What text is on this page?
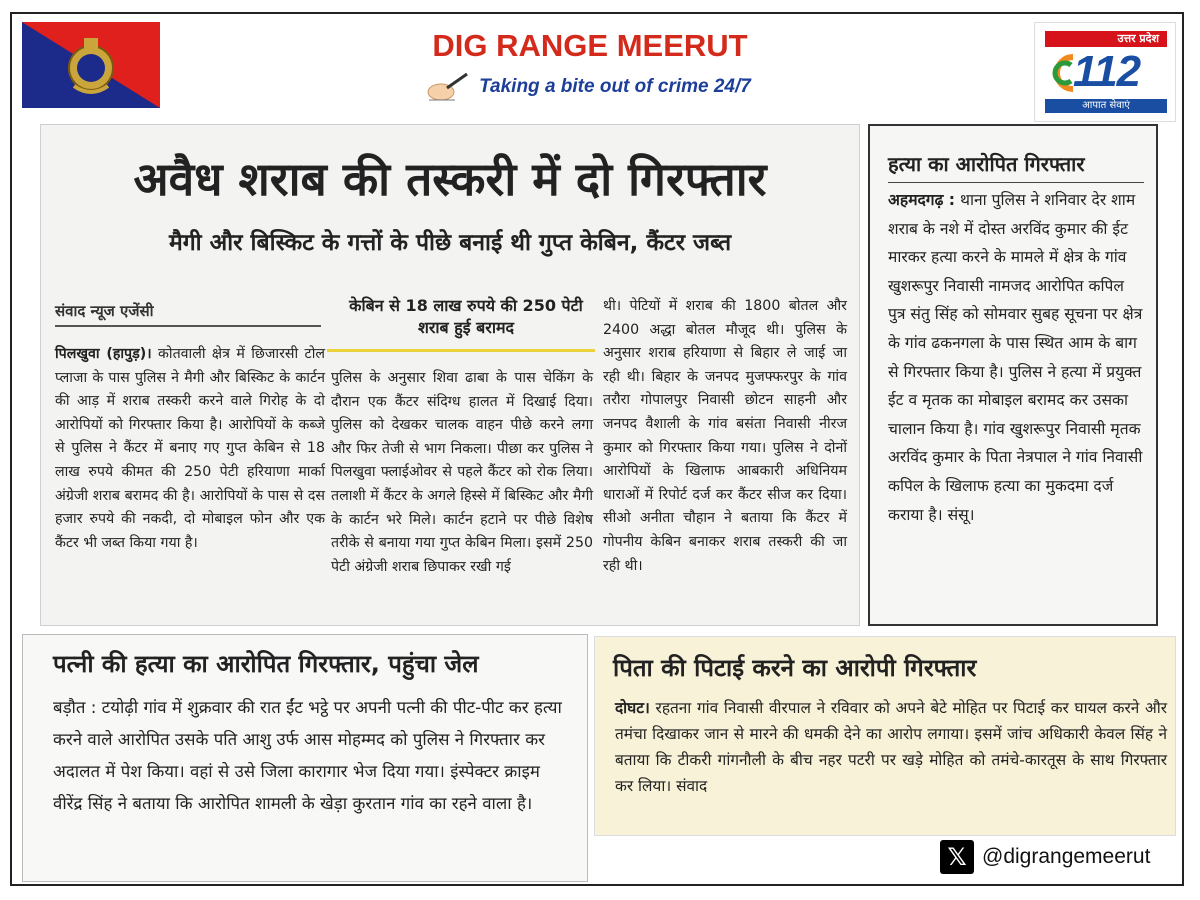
DIG RANGE MEERUT
Taking a bite out of crime 24/7
उत्तर प्रदेश
112
आपात सेवाएं
अवैध शराब की तस्करी में दो गिरफ्तार
मैगी और बिस्किट के गत्तों के पीछे बनाई थी गुप्त केबिन, कैंटर जब्त
संवाद न्यूज एजेंसी
पिलखुवा (हापुड़)। कोतवाली क्षेत्र में छिजारसी टोल प्लाजा के पास पुलिस ने मैगी और बिस्किट के कार्टन की आड़ में शराब तस्करी करने वाले गिरोह के दो आरोपियों को गिरफ्तार किया है। आरोपियों के कब्जे से पुलिस ने कैंटर में बनाए गए गुप्त केबिन से 18 लाख रुपये कीमत की 250 पेटी हरियाणा मार्का अंग्रेजी शराब बरामद की है। आरोपियों के पास से दस हजार रुपये की नकदी, दो मोबाइल फोन और एक कैंटर भी जब्त किया गया है।
केबिन से 18 लाख रुपये की 250 पेटी शराब हुई बरामद
पुलिस के अनुसार शिवा ढाबा के पास चेकिंग के दौरान एक कैंटर संदिग्ध हालत में दिखाई दिया। पुलिस को देखकर चालक वाहन पीछे करने लगा और फिर तेजी से भाग निकला। पीछा कर पुलिस ने पिलखुवा फ्लाईओवर से पहले कैंटर को रोक लिया। तलाशी में कैंटर के अगले हिस्से में बिस्किट और मैगी के कार्टन भरे मिले। कार्टन हटाने पर पीछे विशेष तरीके से बनाया गया गुप्त केबिन मिला। इसमें 250 पेटी अंग्रेजी शराब छिपाकर रखी गई
थी। पेटियों में शराब की 1800 बोतल और 2400 अद्धा बोतल मौजूद थी। पुलिस के अनुसार शराब हरियाणा से बिहार ले जाई जा रही थी। बिहार के जनपद मुजफ्फरपुर के गांव तरौरा गोपालपुर निवासी छोटन साहनी और जनपद वैशाली के गांव बसंता निवासी नीरज कुमार को गिरफ्तार किया गया। पुलिस ने दोनों आरोपियों के खिलाफ आबकारी अधिनियम धाराओं में रिपोर्ट दर्ज कर कैंटर सीज कर दिया। सीओ अनीता चौहान ने बताया कि कैंटर में गोपनीय केबिन बनाकर शराब तस्करी की जा रही थी।
हत्या का आरोपित गिरफ्तार
अहमदगढ़ : थाना पुलिस ने शनिवार देर शाम शराब के नशे में दोस्त अरविंद कुमार की ईट मारकर हत्या करने के मामले में क्षेत्र के गांव खुशरूपुर निवासी नामजद आरोपित कपिल पुत्र संतु सिंह को सोमवार सुबह सूचना पर क्षेत्र के गांव ढकनगला के पास स्थित आम के बाग से गिरफ्तार किया है। पुलिस ने हत्या में प्रयुक्त ईट व मृतक का मोबाइल बरामद कर उसका चालान किया है। गांव खुशरूपुर निवासी मृतक अरविंद कुमार के पिता नेत्रपाल ने गांव निवासी कपिल के खिलाफ हत्या का मुकदमा दर्ज कराया है। संसू।
पत्नी की हत्या का आरोपित गिरफ्तार, पहुंचा जेल
बड़ौत : टयोढ़ी गांव में शुक्रवार की रात ईंट भट्ठे पर अपनी पत्नी की पीट-पीट कर हत्या करने वाले आरोपित उसके पति आशु उर्फ आस मोहम्मद को पुलिस ने गिरफ्तार कर अदालत में पेश किया। वहां से उसे जिला कारागार भेज दिया गया। इंस्पेक्टर क्राइम वीरेंद्र सिंह ने बताया कि आरोपित शामली के खेड़ा कुरतान गांव का रहने वाला है।
पिता की पिटाई करने का आरोपी गिरफ्तार
दोघट। रहतना गांव निवासी वीरपाल ने रविवार को अपने बेटे मोहित पर पिटाई कर घायल करने और तमंचा दिखाकर जान से मारने की धमकी देने का आरोप लगाया। इसमें जांच अधिकारी केवल सिंह ने बताया कि टीकरी गांगनौली के बीच नहर पटरी पर खड़े मोहित को तमंचे-कारतूस के साथ गिरफ्तार कर लिया। संवाद
𝕏 @digrangemeerut
